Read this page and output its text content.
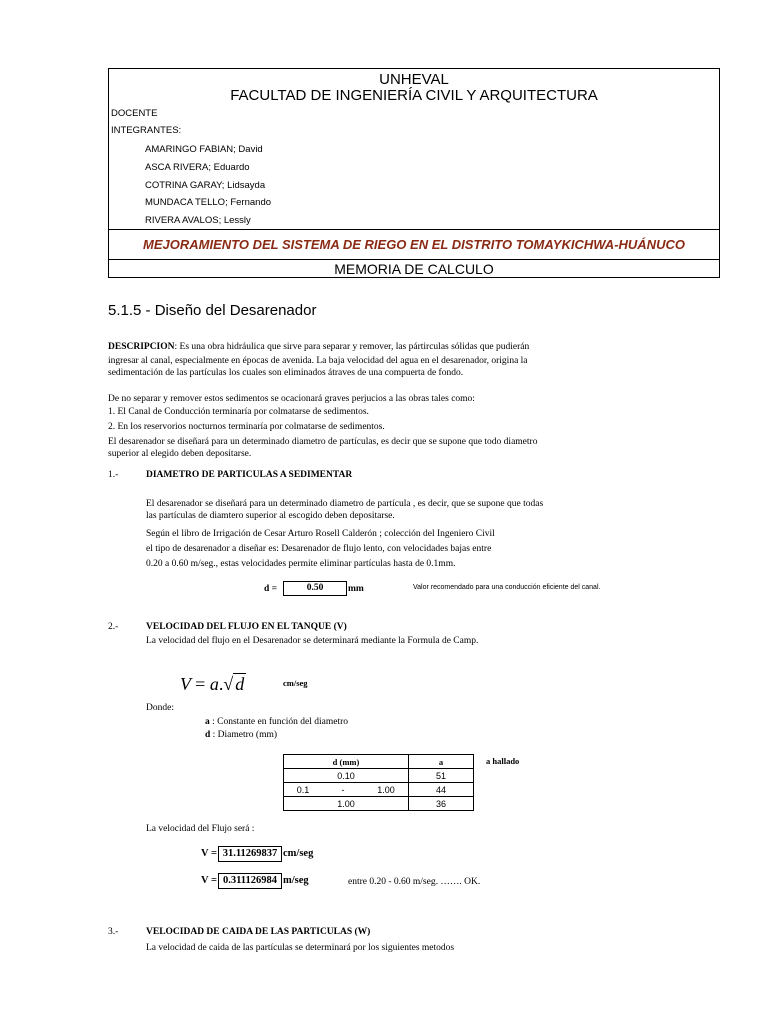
UNHEVAL
FACULTAD DE INGENIERÍA CIVIL Y ARQUITECTURA
DOCENTE
INTEGRANTES:
AMARINGO FABIAN; David
ASCA RIVERA; Eduardo
COTRINA GARAY; Lidsayda
MUNDACA TELLO; Fernando
RIVERA AVALOS; Lessly
MEJORAMIENTO DEL SISTEMA DE RIEGO EN EL DISTRITO TOMAYKICHWA-HUÁNUCO
MEMORIA DE CALCULO
5.1.5 - Diseño del Desarenador
DESCRIPCION: Es una obra hidráulica que sirve para separar y remover, las pártirculas sólidas que pudierán
ingresar al canal, especialmente en épocas de avenida. La baja velocidad del agua en el desarenador, origina la
sedimentación de las partículas los cuales son eliminados átraves de una compuerta de fondo.
De no separar y remover estos sedimentos se ocacionará graves perjucios a las obras tales como:
1. El Canal de Conducción terminaría por colmatarse de sedimentos.
2. En los reservorios nocturnos terminaría por colmatarse de sedimentos.
El desarenador se diseñará para un determinado diametro de partículas, es decir que se supone que todo diametro
superior al elegido deben depositarse.
1.-	DIAMETRO DE PARTICULAS A SEDIMENTAR
El desarenador se diseñará para un determinado diametro de partícula , es decir, que se supone que todas
las partículas de diamtero superior al escogido deben depositarse.
Según el libro de Irrigación de Cesar Arturo Rosell Calderón ; colección del Ingeniero Civil
el tipo de desarenador a diseñar es: Desarenador de flujo lento, con velocidades bajas entre
0.20 a 0.60 m/seg., estas velocidades permite eliminar partículas hasta de 0.1mm.
d =	0.50	mm	Valor recomendado para una conducción eficiente del canal.
2.-	VELOCIDAD DEL FLUJO EN EL TANQUE (V)
La velocidad del flujo en el Desarenador se determinará mediante la Formula de Camp.
V = a.√ d	cm/seg
Donde:
a : Constante en función del diametro
d : Diametro (mm)
d (mm)			a
0.10			51
0.1	-	1.00	44
1.00			36
a hallado
La velocidad del Flujo será :
V = 31.11269837 cm/seg
V = 0.311126984 m/seg	entre 0.20 - 0.60 m/seg. ……. OK.
3.-	VELOCIDAD DE CAIDA DE LAS PARTICULAS (W)
La velocidad de caida de las partículas se determinará por los siguientes metodos
